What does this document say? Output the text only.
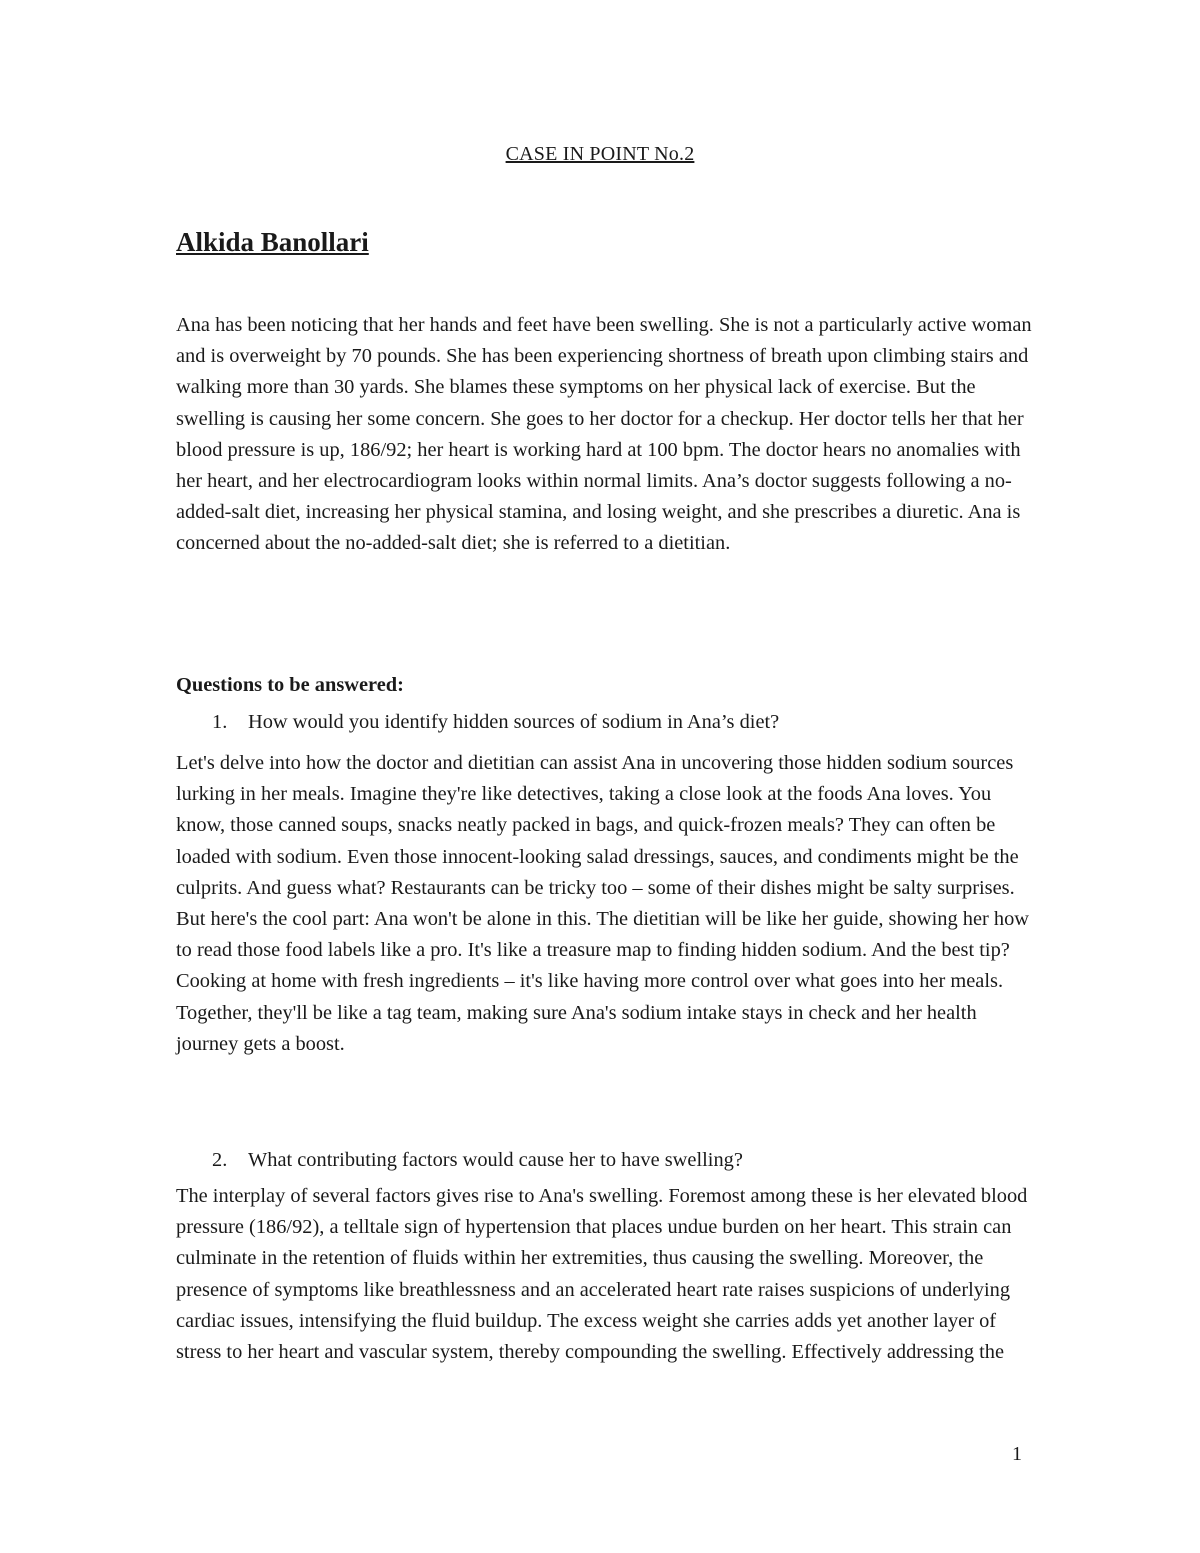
CASE IN POINT No.2
Alkida Banollari

Ana has been noticing that her hands and feet have been swelling. She is not a particularly active woman and is overweight by 70 pounds. She has been experiencing shortness of breath upon climbing stairs and walking more than 30 yards. She blames these symptoms on her physical lack of exercise. But the swelling is causing her some concern. She goes to her doctor for a checkup. Her doctor tells her that her blood pressure is up, 186/92; her heart is working hard at 100 bpm. The doctor hears no anomalies with her heart, and her electrocardiogram looks within normal limits. Ana’s doctor suggests following a no-added-salt diet, increasing her physical stamina, and losing weight, and she prescribes a diuretic. Ana is concerned about the no-added-salt diet; she is referred to a dietitian.

Questions to be answered:
1. How would you identify hidden sources of sodium in Ana’s diet?

Let's delve into how the doctor and dietitian can assist Ana in uncovering those hidden sodium sources lurking in her meals. Imagine they're like detectives, taking a close look at the foods Ana loves. You know, those canned soups, snacks neatly packed in bags, and quick-frozen meals? They can often be loaded with sodium. Even those innocent-looking salad dressings, sauces, and condiments might be the culprits. And guess what? Restaurants can be tricky too – some of their dishes might be salty surprises. But here's the cool part: Ana won't be alone in this. The dietitian will be like her guide, showing her how to read those food labels like a pro. It's like a treasure map to finding hidden sodium. And the best tip? Cooking at home with fresh ingredients – it's like having more control over what goes into her meals. Together, they'll be like a tag team, making sure Ana's sodium intake stays in check and her health journey gets a boost.

2. What contributing factors would cause her to have swelling?

The interplay of several factors gives rise to Ana's swelling. Foremost among these is her elevated blood pressure (186/92), a telltale sign of hypertension that places undue burden on her heart. This strain can culminate in the retention of fluids within her extremities, thus causing the swelling. Moreover, the presence of symptoms like breathlessness and an accelerated heart rate raises suspicions of underlying cardiac issues, intensifying the fluid buildup. The excess weight she carries adds yet another layer of stress to her heart and vascular system, thereby compounding the swelling. Effectively addressing the

1
